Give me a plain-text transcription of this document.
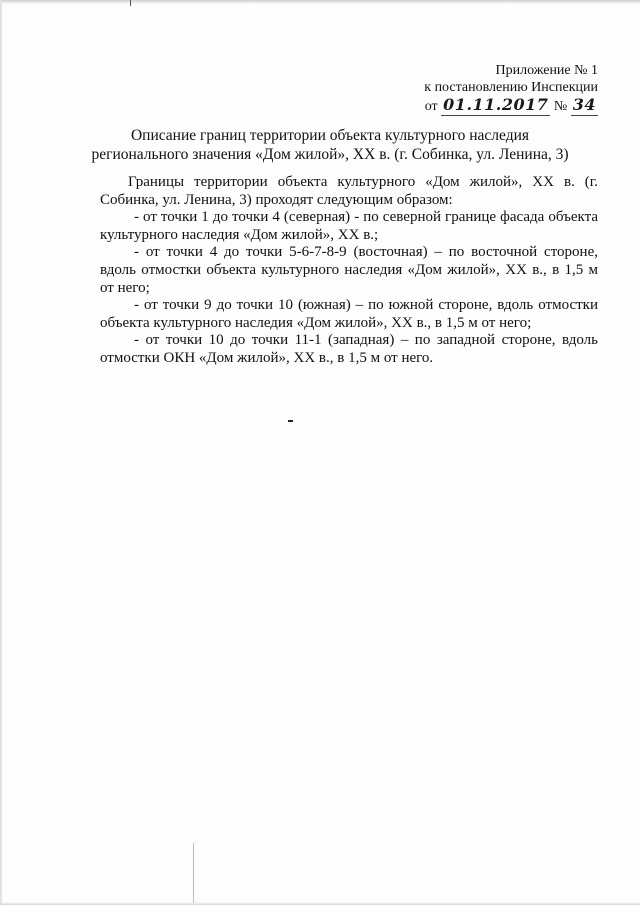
Приложение № 1
к постановлению Инспекции
от 01.11.2017 № 34
Описание границ территории объекта культурного наследия
регионального значения «Дом жилой», XX в. (г. Собинка, ул. Ленина, 3)

Границы территории объекта культурного «Дом жилой», XX в. (г. Собинка, ул. Ленина, 3) проходят следующим образом:

- от точки 1 до точки 4 (северная) - по северной границе фасада объекта культурного наследия «Дом жилой», XX в.;

- от точки 4 до точки 5-6-7-8-9 (восточная) – по восточной стороне, вдоль отмостки объекта культурного наследия «Дом жилой», XX в., в 1,5 м от него;

- от точки 9 до точки 10 (южная) – по южной стороне, вдоль отмостки объекта культурного наследия «Дом жилой», XX в., в 1,5 м от него;

- от точки 10 до точки 11-1 (западная) – по западной стороне, вдоль отмостки ОКН «Дом жилой», XX в., в 1,5 м от него.
